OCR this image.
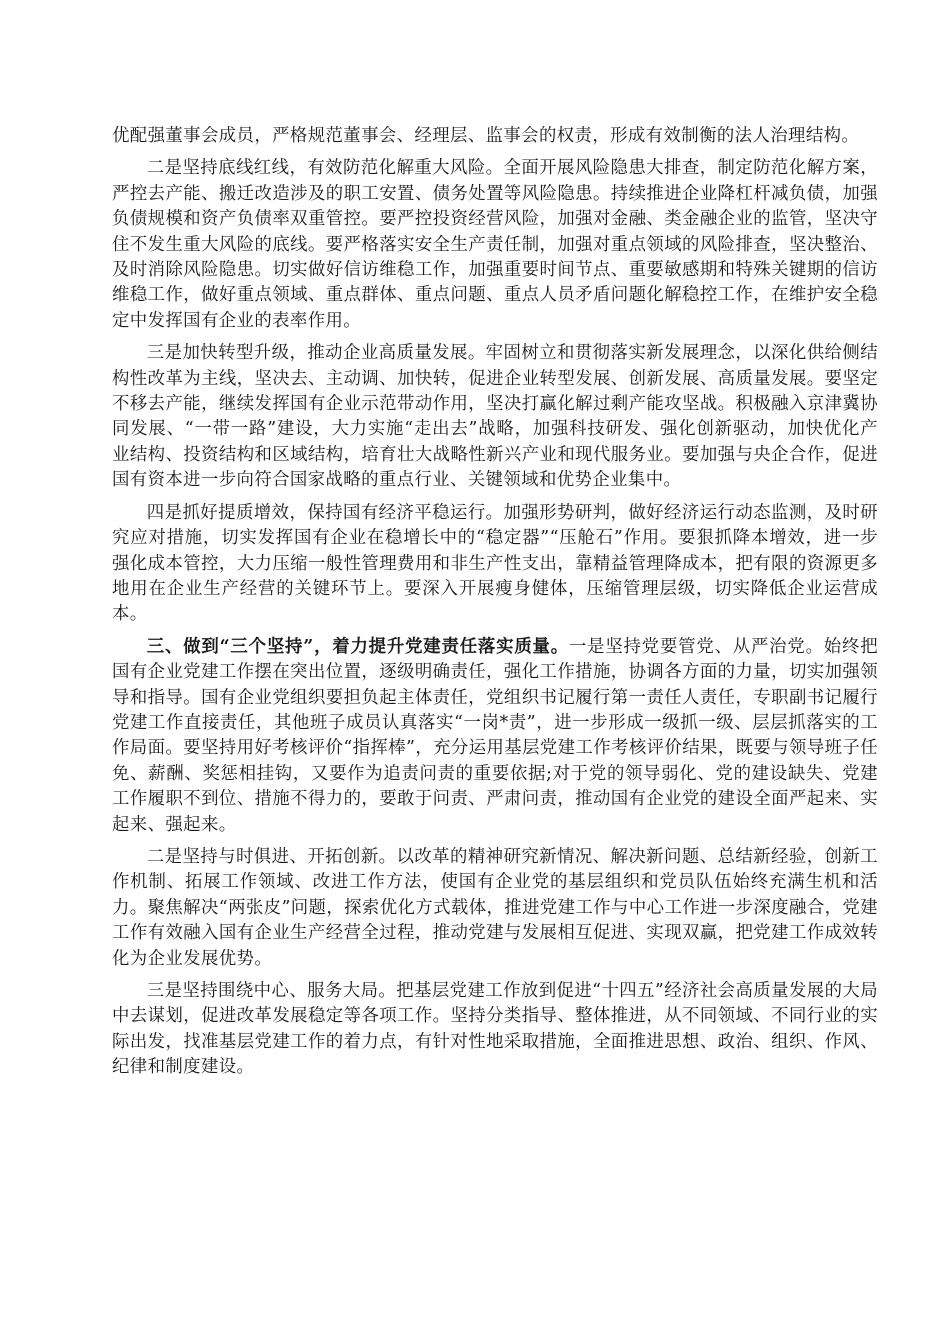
优配强董事会成员，严格规范董事会、经理层、监事会的权责，形成有效制衡的法人治理结构。

二是坚持底线红线，有效防范化解重大风险。全面开展风险隐患大排查，制定防范化解方案，严控去产能、搬迁改造涉及的职工安置、债务处置等风险隐患。持续推进企业降杠杆减负债，加强负债规模和资产负债率双重管控。要严控投资经营风险，加强对金融、类金融企业的监管，坚决守住不发生重大风险的底线。要严格落实安全生产责任制，加强对重点领域的风险排查，坚决整治、及时消除风险隐患。切实做好信访维稳工作，加强重要时间节点、重要敏感期和特殊关键期的信访维稳工作，做好重点领域、重点群体、重点问题、重点人员矛盾问题化解稳控工作，在维护安全稳定中发挥国有企业的表率作用。

三是加快转型升级，推动企业高质量发展。牢固树立和贯彻落实新发展理念，以深化供给侧结构性改革为主线，坚决去、主动调、加快转，促进企业转型发展、创新发展、高质量发展。要坚定不移去产能，继续发挥国有企业示范带动作用，坚决打赢化解过剩产能攻坚战。积极融入京津冀协同发展、“一带一路”建设，大力实施“走出去”战略，加强科技研发、强化创新驱动，加快优化产业结构、投资结构和区域结构，培育壮大战略性新兴产业和现代服务业。要加强与央企合作，促进国有资本进一步向符合国家战略的重点行业、关键领域和优势企业集中。

四是抓好提质增效，保持国有经济平稳运行。加强形势研判，做好经济运行动态监测，及时研究应对措施，切实发挥国有企业在稳增长中的“稳定器”“压舱石”作用。要狠抓降本增效，进一步强化成本管控，大力压缩一般性管理费用和非生产性支出，靠精益管理降成本，把有限的资源更多地用在企业生产经营的关键环节上。要深入开展瘦身健体，压缩管理层级，切实降低企业运营成本。

三、做到“三个坚持”，着力提升党建责任落实质量。一是坚持党要管党、从严治党。始终把国有企业党建工作摆在突出位置，逐级明确责任，强化工作措施，协调各方面的力量，切实加强领导和指导。国有企业党组织要担负起主体责任，党组织书记履行第一责任人责任，专职副书记履行党建工作直接责任，其他班子成员认真落实“一岗*责”，进一步形成一级抓一级、层层抓落实的工作局面。要坚持用好考核评价“指挥棒”，充分运用基层党建工作考核评价结果，既要与领导班子任免、薪酬、奖惩相挂钩，又要作为追责问责的重要依据;对于党的领导弱化、党的建设缺失、党建工作履职不到位、措施不得力的，要敢于问责、严肃问责，推动国有企业党的建设全面严起来、实起来、强起来。

二是坚持与时俱进、开拓创新。以改革的精神研究新情况、解决新问题、总结新经验，创新工作机制、拓展工作领域、改进工作方法，使国有企业党的基层组织和党员队伍始终充满生机和活力。聚焦解决“两张皮”问题，探索优化方式载体，推进党建工作与中心工作进一步深度融合，党建工作有效融入国有企业生产经营全过程，推动党建与发展相互促进、实现双赢，把党建工作成效转化为企业发展优势。

三是坚持围绕中心、服务大局。把基层党建工作放到促进“十四五”经济社会高质量发展的大局中去谋划，促进改革发展稳定等各项工作。坚持分类指导、整体推进，从不同领域、不同行业的实际出发，找准基层党建工作的着力点，有针对性地采取措施，全面推进思想、政治、组织、作风、纪律和制度建设。
